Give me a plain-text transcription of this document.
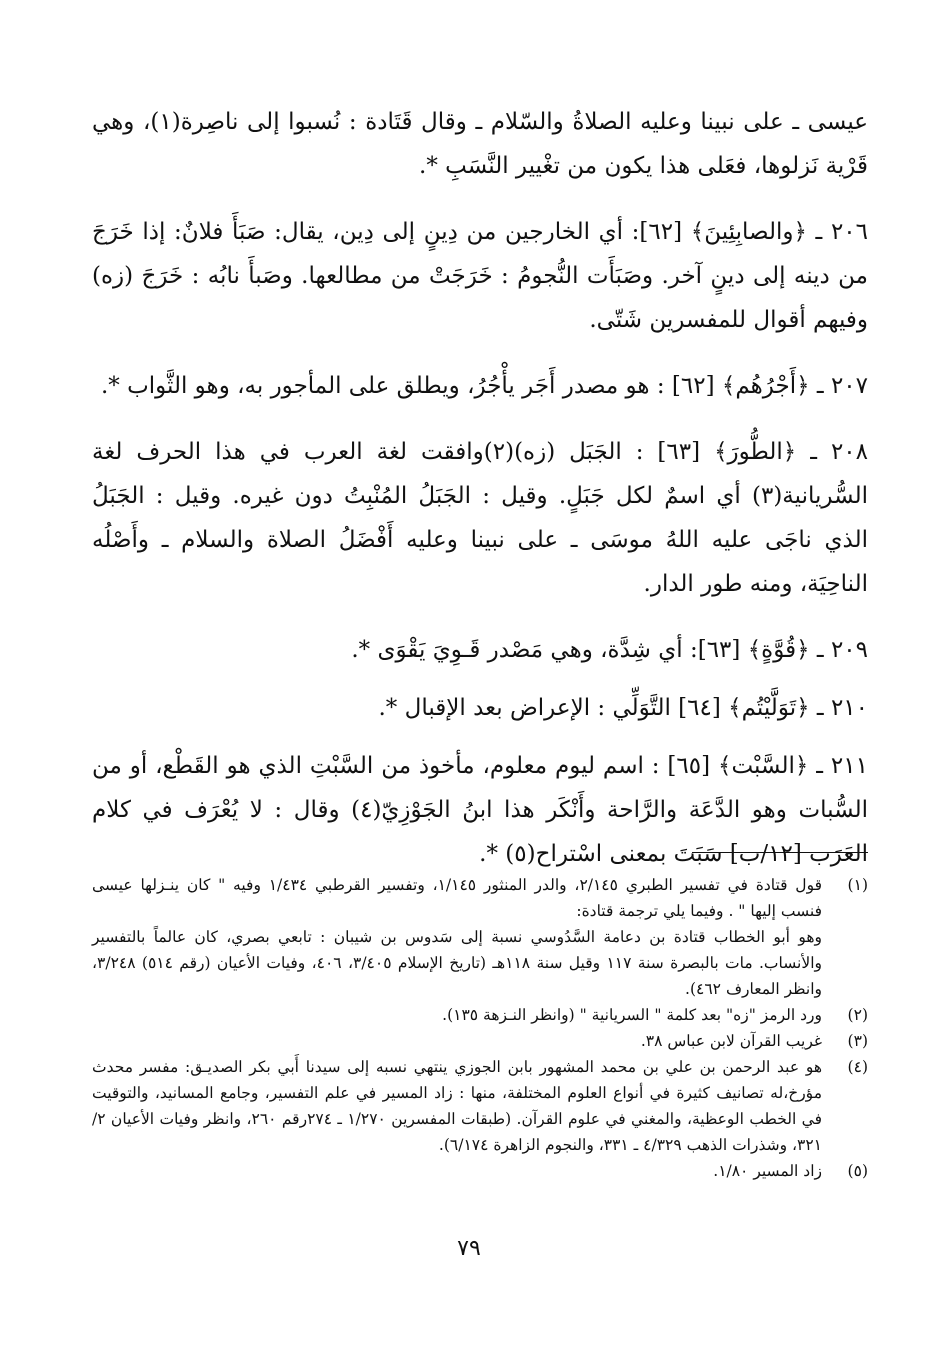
عيسى ـ على نبينا وعليه الصلاةُ والسّلام ـ وقال قَتَادة : نُسبوا إلى ناصِرة(١)، وهي قَرْية نَزلوها، فعَلى هذا يكون من تغْيير النَّسَبِ *.

٢٠٦ ـ ﴿والصابِئِينَ﴾ [٦٢]: أي الخارجين من دِينٍ إلى دِين، يقال: صَبَأَ فلانٌ: إذا خَرَجَ من دينه إلى دينٍ آخر. وصَبَأَت النُّجومُ : خَرَجَتْ من مطالعها. وصَبأَ نابُه : خَرَجَ (زه) وفيهم أقوال للمفسرين شَتّى.

٢٠٧ ـ ﴿أَجْرُهُم﴾ [٦٢] : هو مصدر أَجَر يأْجُرُ، ويطلق على المأجور به، وهو الثَّواب *.

٢٠٨ ـ ﴿الطُّورَ﴾ [٦٣] : الجَبَل (زه)(٢)وافقت لغة العرب في هذا الحرف لغة السُّريانية(٣) أي اسمٌ لكل جَبَلٍ. وقيل : الجَبَلُ المُنْبِتُ دون غيره. وقيل : الجَبَلُ الذي ناجَى عليه اللهُ موسَى ـ على نبينا وعليه أَفْضَلُ الصلاة والسلام ـ وأَصْلُه الناحِيَة، ومنه طور الدار.

٢٠٩ ـ ﴿قُوَّةٍ﴾ [٦٣]: أي شِدَّة، وهي مَصْدر قَـوِيَ يَقْوَى *.

٢١٠ ـ ﴿تَوَلَّيْتُم﴾ [٦٤] التَّوَلِّي : الإعراض بعد الإقبال *.

٢١١ ـ ﴿السَّبْت﴾ [٦٥] : اسم ليوم معلوم، مأخوذ من السَّبْتِ الذي هو القَطْع، أو من السُّبات وهو الدَّعَة والرَّاحة وأَنْكَر هذا ابنُ الجَوْزِيّ(٤) وقال : لا يُعْرَف في كلام العَرَب [١٢/ب] سَبَتَ بمعنى اسْتراح(٥) *.

(١)

قول قتادة في تفسير الطبري ٢/١٤٥، والدر المنثور ١/١٤٥، وتفسير القرطبي ١/٤٣٤ وفيه " كان ينـزلها عيسى فنسب إليها " . وفيما يلي ترجمة قتادة:

وهو أبو الخطاب قتادة بن دعامة السَّدُوسي نسبة إلى سَدوس بن شيبان : تابعي بصري، كان عالماً بالتفسير والأنساب. مات بالبصرة سنة ١١٧ وقيل سنة ١١٨هـ (تاريخ الإسلام ٣/٤٠٥، ٤٠٦، وفيات الأعيان (رقم ٥١٤) ٣/٢٤٨، وانظر المعارف ٤٦٢).

(٢)

ورد الرمز "زه" بعد كلمة " السريانية " (وانظر النـزهة ١٣٥).

(٣)

غريب القرآن لابن عباس ٣٨.

(٤)

هو عبد الرحمن بن علي بن محمد المشهور بابن الجوزي ينتهي نسبه إلى سيدنا أَبي بكر الصديـق: مفسر محدث مؤرخ،له تصانيف كثيرة في أنواع العلوم المختلفة، منها : زاد المسير في علم التفسير، وجامع المسانيد، والتوقيت في الخطب الوعظية، والمغني في علوم القرآن. (طبقات المفسرين ١/٢٧٠ ـ ٢٧٤رقم ٢٦٠، وانظر وفيات الأعيان ٢/ ٣٢١، وشذرات الذهب ٤/٣٢٩ ـ ٣٣١، والنجوم الزاهرة ٦/١٧٤).

(٥)

زاد المسير ١/٨٠.

٧٩
